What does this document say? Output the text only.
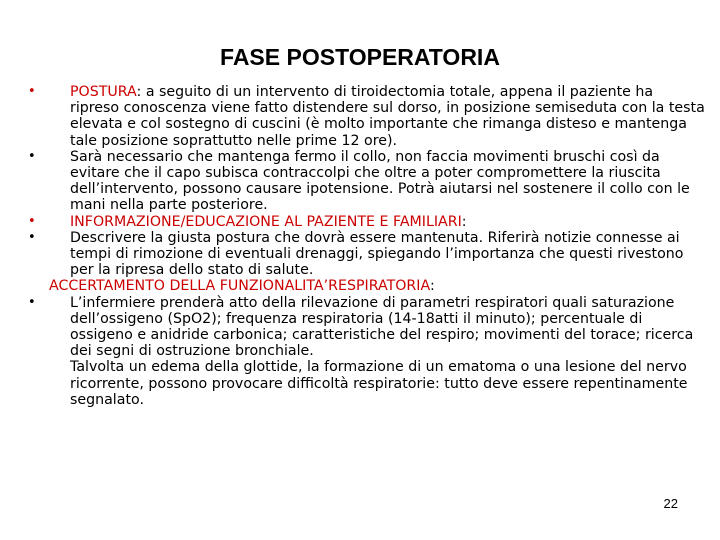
FASE POSTOPERATORIA
•	POSTURA: a seguito di un intervento di tiroidectomia totale, appena il paziente ha ripreso conoscenza viene fatto distendere sul dorso, in posizione semiseduta con la testa elevata e col sostegno di cuscini (è molto importante che rimanga disteso e mantenga tale posizione soprattutto nelle prime 12 ore).
•	Sarà necessario che mantenga fermo il collo, non faccia movimenti bruschi così da evitare che il capo subisca contraccolpi che oltre a poter compromettere la riuscita dell’intervento, possono causare ipotensione. Potrà aiutarsi nel sostenere il collo con le mani nella parte posteriore.
•	INFORMAZIONE/EDUCAZIONE AL PAZIENTE E FAMILIARI:
•	Descrivere la giusta postura che dovrà essere mantenuta. Riferirà notizie connesse ai tempi di rimozione di eventuali drenaggi, spiegando l’importanza che questi rivestono per la ripresa dello stato di salute.
ACCERTAMENTO DELLA FUNZIONALITA’RESPIRATORIA:
•	L’infermiere prenderà atto della rilevazione di parametri respiratori quali saturazione dell’ossigeno (SpO2); frequenza respiratoria (14-18atti il minuto); percentuale di ossigeno e anidride carbonica; caratteristiche del respiro; movimenti del torace; ricerca dei segni di ostruzione bronchiale.
Talvolta un edema della glottide, la formazione di un ematoma o una lesione del nervo ricorrente, possono provocare difficoltà respiratorie: tutto deve essere repentinamente segnalato.
22
